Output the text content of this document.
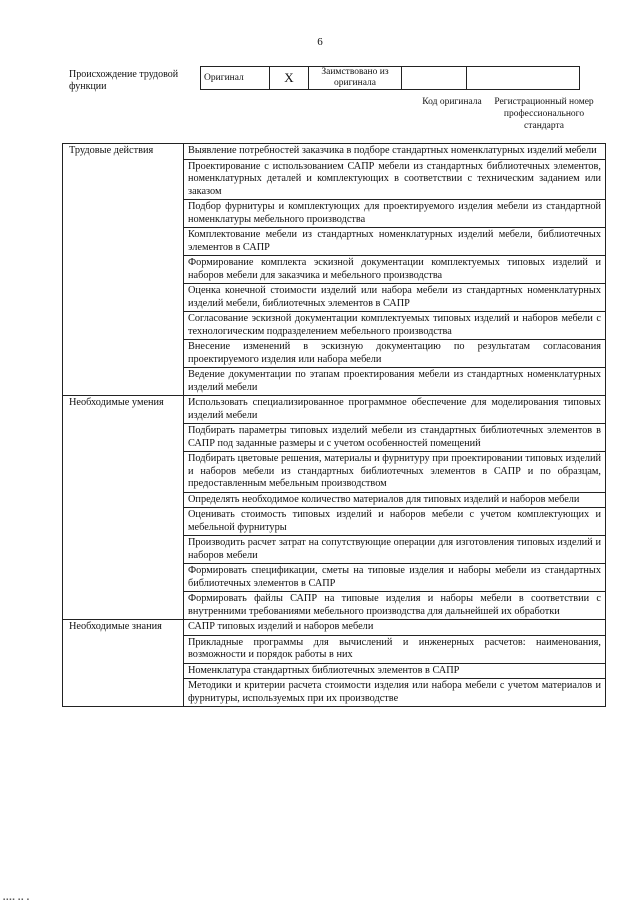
6
Происхождение трудовой функции
Оригинал	X	Заимствовано из оригинала		
Код оригинала	Регистрационный номер профессионального стандарта
Трудовые действия	Выявление потребностей заказчика в подборе стандартных номенклатурных изделий мебели
	Проектирование с использованием САПР мебели из стандартных библиотечных элементов, номенклатурных деталей и комплектующих в соответствии с техническим заданием или заказом
	Подбор фурнитуры и комплектующих для проектируемого изделия мебели из стандартной номенклатуры мебельного производства
	Комплектование мебели из стандартных номенклатурных изделий мебели, библиотечных элементов в САПР
	Формирование комплекта эскизной документации комплектуемых типовых изделий и наборов мебели для заказчика и мебельного производства
	Оценка конечной стоимости изделий или набора мебели из стандартных номенклатурных изделий мебели, библиотечных элементов в САПР
	Согласование эскизной документации комплектуемых типовых изделий и наборов мебели с технологическим подразделением мебельного производства
	Внесение изменений в эскизную документацию по результатам согласования проектируемого изделия или набора мебели
	Ведение документации по этапам проектирования мебели из стандартных номенклатурных изделий мебели
Необходимые умения	Использовать специализированное программное обеспечение для моделирования типовых изделий мебели
	Подбирать параметры типовых изделий мебели из стандартных библиотечных элементов в САПР под заданные размеры и с учетом особенностей помещений
	Подбирать цветовые решения, материалы и фурнитуру при проектировании типовых изделий и наборов мебели из стандартных библиотечных элементов в САПР и по образцам, предоставленным мебельным производством
	Определять необходимое количество материалов для типовых изделий и наборов мебели
	Оценивать стоимость типовых изделий и наборов мебели с учетом комплектующих и мебельной фурнитуры
	Производить расчет затрат на сопутствующие операции для изготовления типовых изделий и наборов мебели
	Формировать спецификации, сметы на типовые изделия и наборы мебели из стандартных библиотечных элементов в САПР
	Формировать файлы САПР на типовые изделия и наборы мебели в соответствии с внутренними требованиями мебельного производства для дальнейшей их обработки
Необходимые знания	САПР типовых изделий и наборов мебели
	Прикладные программы для вычислений и инженерных расчетов: наименования, возможности и порядок работы в них
	Номенклатура стандартных библиотечных элементов в САПР
	Методики и критерии расчета стоимости изделия или набора мебели с учетом материалов и фурнитуры, используемых при их производстве
▪▪▪▪ ▪▪ ▪
